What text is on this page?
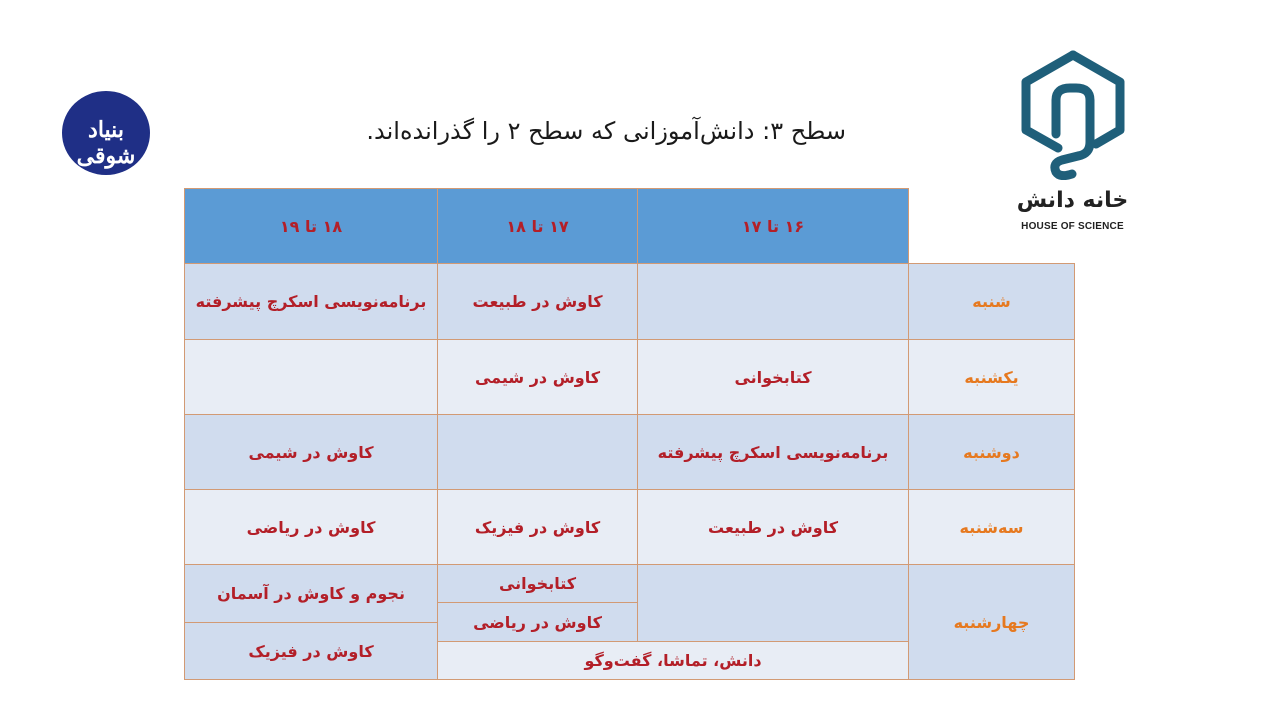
بنیاد شوقی
خانه دانش
HOUSE OF SCIENCE
سطح ۳: دانش‌آموزانی که سطح ۲ را گذرانده‌اند.
۱۶ تا ۱۷
۱۷ تا ۱۸
۱۸ تا ۱۹
شنبه
کاوش در طبیعت
برنامه‌نویسی اسکرچ پیشرفته
یکشنبه
کتابخوانی
کاوش در شیمی
دوشنبه
برنامه‌نویسی اسکرچ پیشرفته
کاوش در شیمی
سه‌شنبه
کاوش در طبیعت
کاوش در فیزیک
کاوش در ریاضی
چهارشنبه
کتابخوانی
کاوش در ریاضی
نجوم و کاوش در آسمان
کاوش در فیزیک	دانش، تماشا، گفت‌وگو
